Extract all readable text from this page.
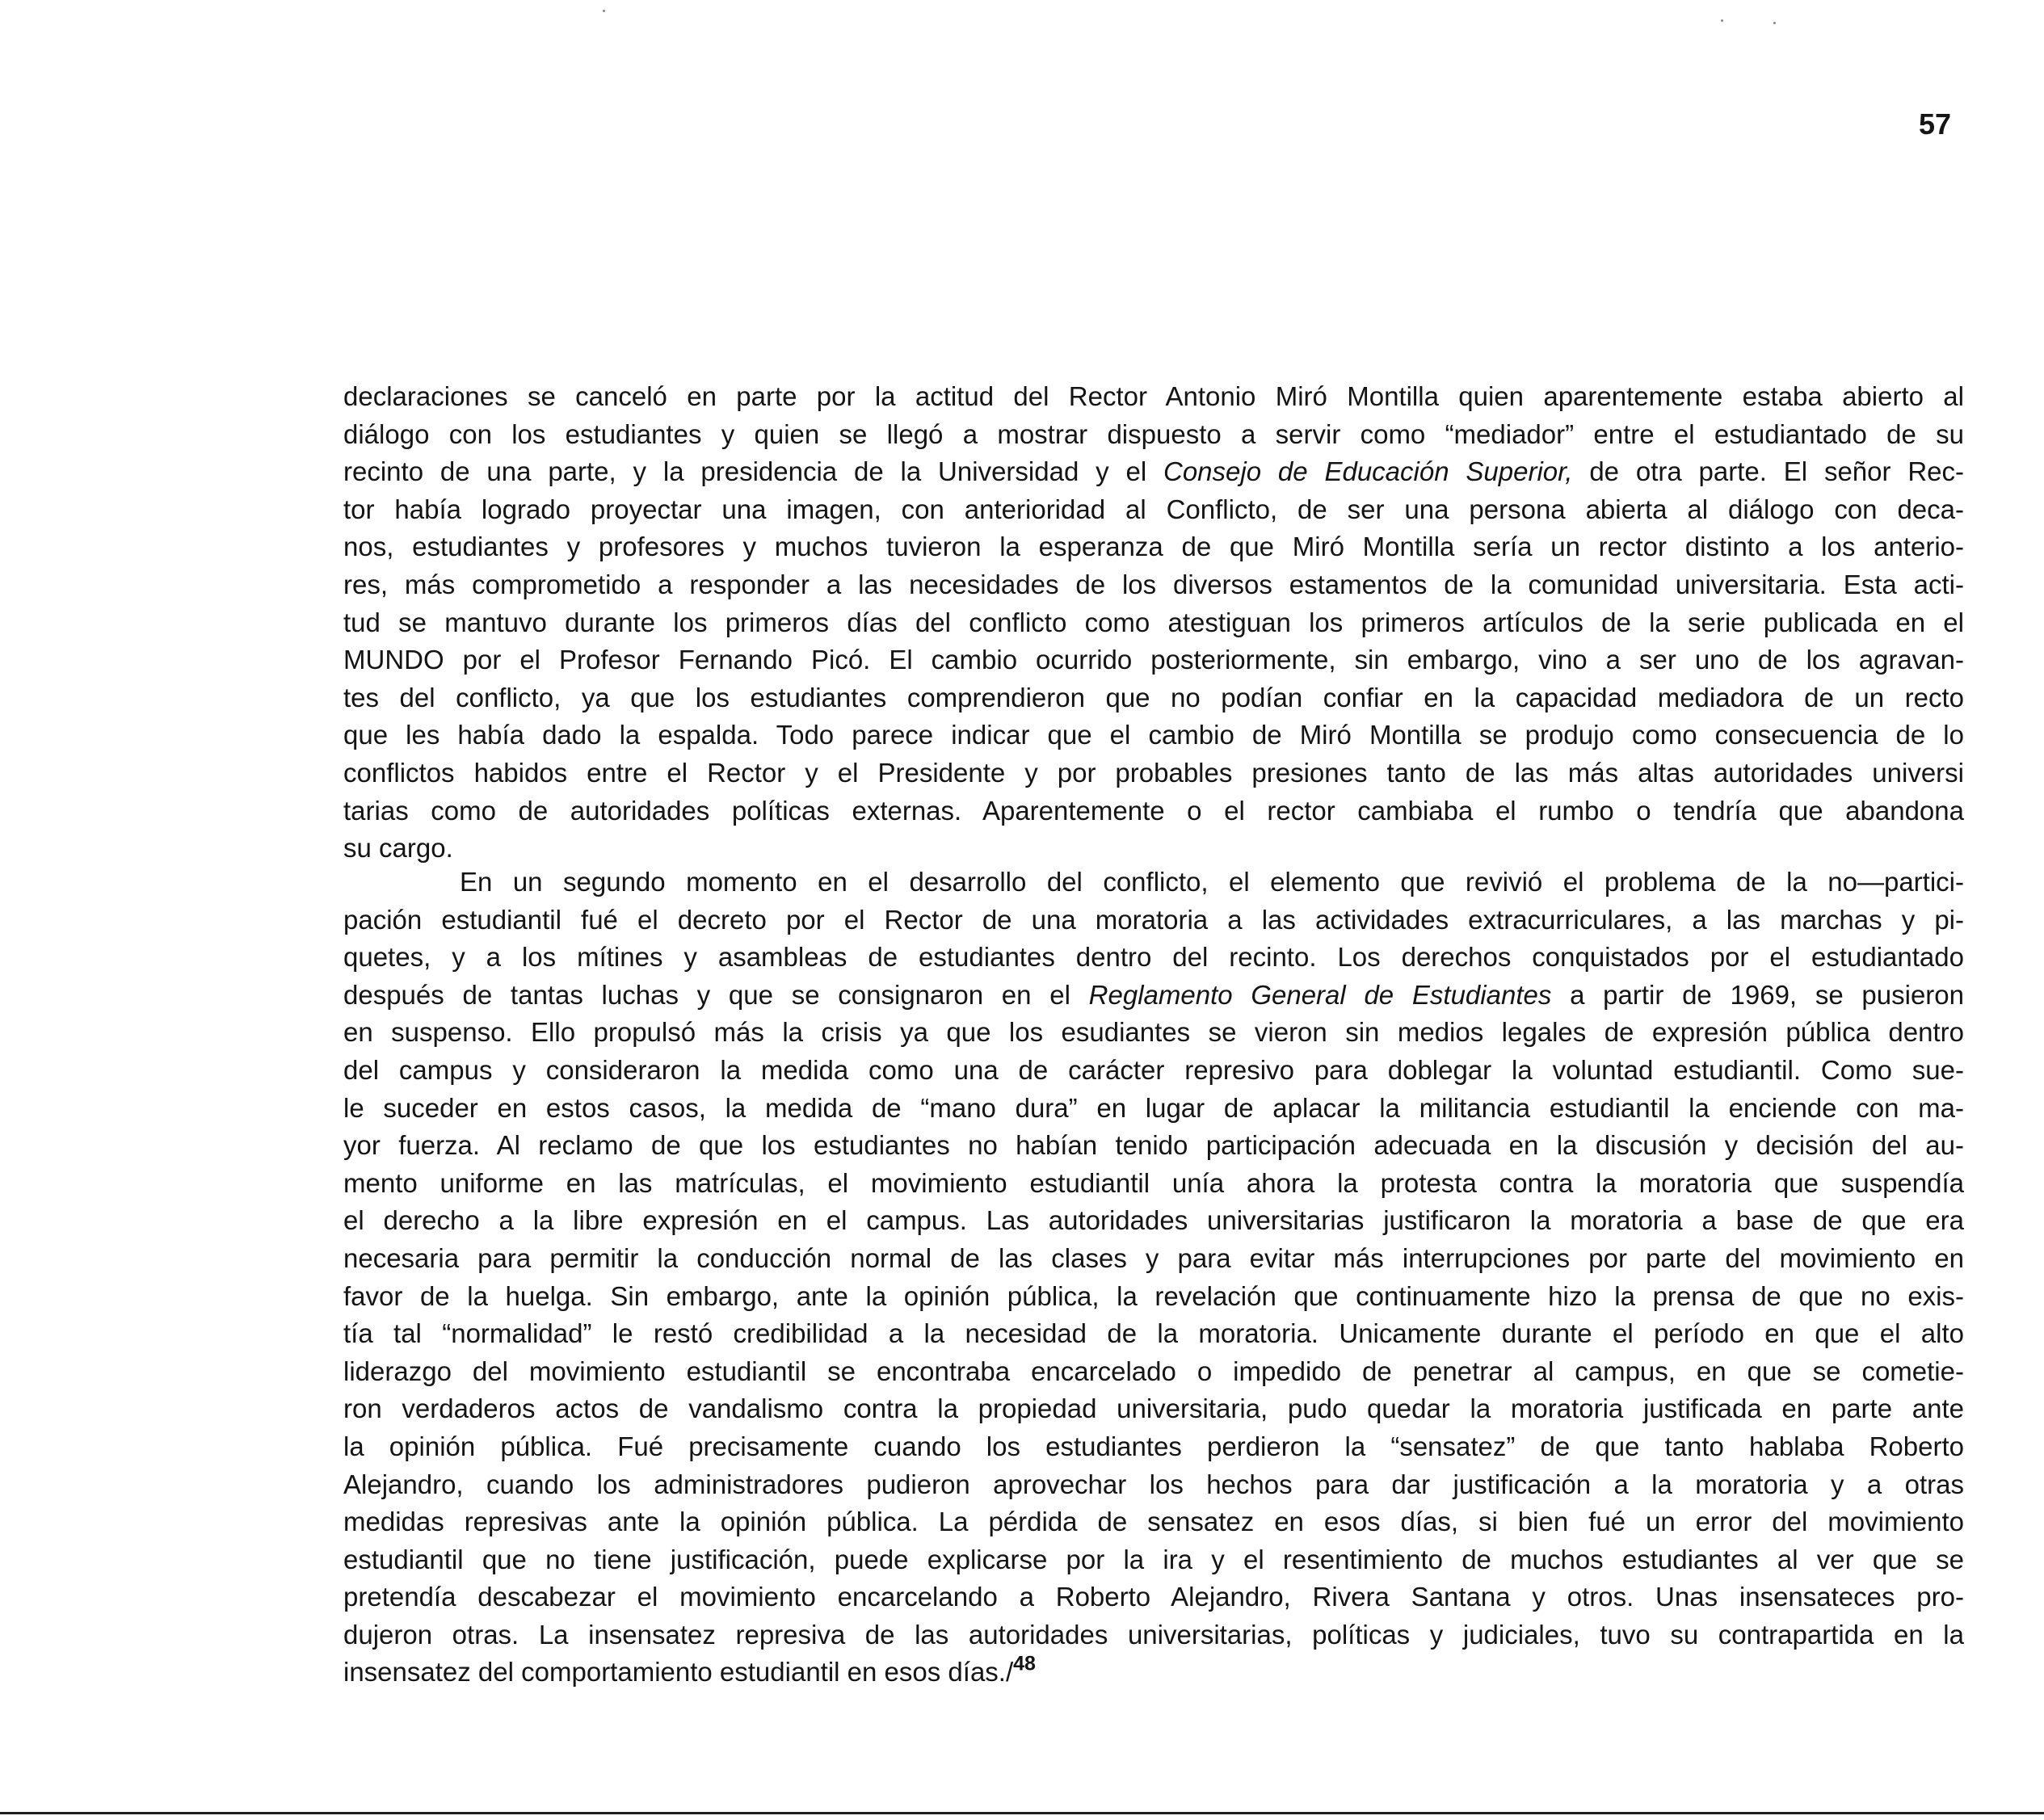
57
declaraciones se canceló en parte por la actitud del Rector Antonio Miró Montilla quien aparentemente estaba abierto al
diálogo con los estudiantes y quien se llegó a mostrar dispuesto a servir como “mediador” entre el estudiantado de su
recinto de una parte, y la presidencia de la Universidad y el Consejo de Educación Superior, de otra parte. El señor Rec-
tor había logrado proyectar una imagen, con anterioridad al Conflicto, de ser una persona abierta al diálogo con deca-
nos, estudiantes y profesores y muchos tuvieron la esperanza de que Miró Montilla sería un rector distinto a los anterio-
res, más comprometido a responder a las necesidades de los diversos estamentos de la comunidad universitaria. Esta acti-
tud se mantuvo durante los primeros días del conflicto como atestiguan los primeros artículos de la serie publicada en el
MUNDO por el Profesor Fernando Picó. El cambio ocurrido posteriormente, sin embargo, vino a ser uno de los agravan-
tes del conflicto, ya que los estudiantes comprendieron que no podían confiar en la capacidad mediadora de un recto
que les había dado la espalda. Todo parece indicar que el cambio de Miró Montilla se produjo como consecuencia de lo
conflictos habidos entre el Rector y el Presidente y por probables presiones tanto de las más altas autoridades universi
tarias como de autoridades políticas externas. Aparentemente o el rector cambiaba el rumbo o tendría que abandona
su cargo.
En un segundo momento en el desarrollo del conflicto, el elemento que revivió el problema de la no—partici-
pación estudiantil fué el decreto por el Rector de una moratoria a las actividades extracurriculares, a las marchas y pi-
quetes, y a los mítines y asambleas de estudiantes dentro del recinto. Los derechos conquistados por el estudiantado
después de tantas luchas y que se consignaron en el Reglamento General de Estudiantes a partir de 1969, se pusieron
en suspenso. Ello propulsó más la crisis ya que los esudiantes se vieron sin medios legales de expresión pública dentro
del campus y consideraron la medida como una de carácter represivo para doblegar la voluntad estudiantil. Como sue-
le suceder en estos casos, la medida de “mano dura” en lugar de aplacar la militancia estudiantil la enciende con ma-
yor fuerza. Al reclamo de que los estudiantes no habían tenido participación adecuada en la discusión y decisión del au-
mento uniforme en las matrículas, el movimiento estudiantil unía ahora la protesta contra la moratoria que suspendía
el derecho a la libre expresión en el campus. Las autoridades universitarias justificaron la moratoria a base de que era
necesaria para permitir la conducción normal de las clases y para evitar más interrupciones por parte del movimiento en
favor de la huelga. Sin embargo, ante la opinión pública, la revelación que continuamente hizo la prensa de que no exis-
tía tal “normalidad” le restó credibilidad a la necesidad de la moratoria. Unicamente durante el período en que el alto
liderazgo del movimiento estudiantil se encontraba encarcelado o impedido de penetrar al campus, en que se cometie-
ron verdaderos actos de vandalismo contra la propiedad universitaria, pudo quedar la moratoria justificada en parte ante
la opinión pública. Fué precisamente cuando los estudiantes perdieron la “sensatez” de que tanto hablaba Roberto
Alejandro, cuando los administradores pudieron aprovechar los hechos para dar justificación a la moratoria y a otras
medidas represivas ante la opinión pública. La pérdida de sensatez en esos días, si bien fué un error del movimiento
estudiantil que no tiene justificación, puede explicarse por la ira y el resentimiento de muchos estudiantes al ver que se
pretendía descabezar el movimiento encarcelando a Roberto Alejandro, Rivera Santana y otros. Unas insensateces pro-
dujeron otras. La insensatez represiva de las autoridades universitarias, políticas y judiciales, tuvo su contrapartida en la
insensatez del comportamiento estudiantil en esos días./$^{48}$
